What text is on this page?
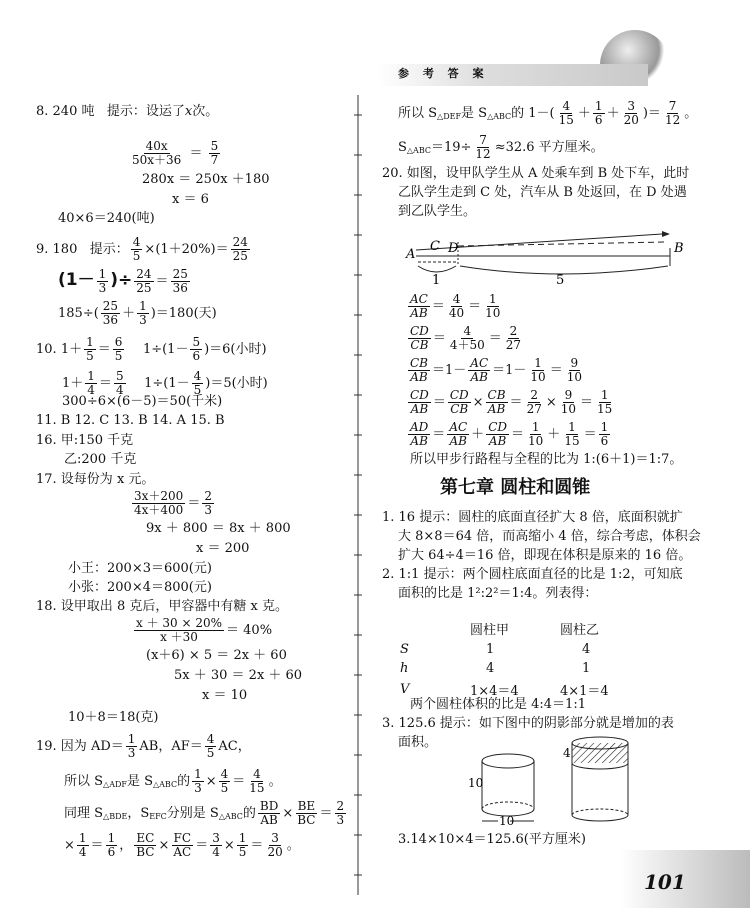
参 考 答 案
8. 240 吨 提示：设运了x次。
$\frac{40x}{50x+36} = \frac{5}{7}$
280x ＝ 250x ＋180
x ＝ 6
40×6＝240(吨)
9. 180 提示： $\frac{4}{5} \times(1+20\%)= \frac{24}{25}$
($1- \frac{1}{3}$ )÷ $\frac{24}{25} = \frac{25}{36}$
$185\div( \frac{25}{36} + \frac{1}{3} )=180$(天)
10. $1+ \frac{1}{5} = \frac{6}{5} 1\div(1- \frac{5}{6} )=6$(小时)
$1+ \frac{1}{4} = \frac{5}{4} 1\div(1- \frac{4}{5} )=5$(小时)
300÷6×(6－5)＝50(千米)
11. B 12. C 13. B 14. A 15. B
16. 甲:150 千克
乙:200 千克
17. 设每份为 x 元。
$\frac{3x+200}{4x+400} = \frac{2}{3}$
9x ＋ 800 ＝ 8x ＋ 800
x ＝ 200
小王：200×3＝600(元)
小张：200×4＝800(元)
18. 设甲取出 8 克后，甲容器中有糖 x 克。
$\frac{x + 30 \times 20\%}{x +30} = 40\%$
(x＋6) × 5 ＝ 2x ＋ 60
5x ＋ 30 ＝ 2x ＋ 60
x ＝ 10
10＋8＝18(克)
19. 因为 $AD= \frac{1}{3}$ AB，$AF= \frac{4}{5}$ AC，
所以 $S_{\triangle ADF}$是 $S_{\triangle ABC}$的 $\frac{1}{3} \times \frac{4}{5} = \frac{4}{15}$ 。
同理 $S_{\triangle BDE}$，$S_{EFC}$分别是 $S_{\triangle ABC}$的 $\frac{BD}{AB} \times \frac{BE}{BC} = \frac{2}{3}$
× $\frac{1}{4} = \frac{1}{6}$ ， $\frac{EC}{BC} \times \frac{FC}{AC} = \frac{3}{4} \times \frac{1}{5} = \frac{3}{20}$ 。
所以 $S_{\triangle DEF}$是 $S_{\triangle ABC}$的 $1-( \frac{4}{15} + \frac{1}{6} + \frac{3}{20}$ )＝ $\frac{7}{12}$ 。
$S_{\triangle ABC}=19\div \frac{7}{12} \approx 32.6$ 平方厘米。
20. 如图，设甲队学生从 A 处乘车到 B 处下车，此时
乙队学生走到 C 处，汽车从 B 处返回，在 D 处遇
到乙队学生。
A
C D	B
1	5
$\frac{AC}{AB} = \frac{4}{40} = \frac{1}{10}$
$\frac{CD}{CB} = \frac{4}{4+50} = \frac{2}{27}$
$\frac{CB}{AB} =1- \frac{AC}{AB} =1- \frac{1}{10} = \frac{9}{10}$
$\frac{CD}{AB} = \frac{CD}{CB} \times \frac{CB}{AB} = \frac{2}{27} \times \frac{9}{10} = \frac{1}{15}$
$\frac{AD}{AB} = \frac{AC}{AB} + \frac{CD}{AB} = \frac{1}{10} + \frac{1}{15} = \frac{1}{6}$
所以甲步行路程与全程的比为 1:(6＋1)＝1:7。
第七章 圆柱和圆锥
1. 16 提示：圆柱的底面直径扩大 8 倍，底面积就扩
大 8×8＝64 倍，而高缩小 4 倍，综合考虑，体积会
扩大 64÷4＝16 倍，即现在体积是原来的 16 倍。
2. 1:1 提示：两个圆柱底面直径的比是 1:2，可知底
面积的比是 1²:2²＝1:4。列表得：
	圆柱甲	圆柱乙
S	1	4
h	4	1
V	1×4＝4	4×1＝4
两个圆柱体积的比是 4:4＝1:1
3. 125.6 提示：如下图中的阴影部分就是增加的表
面积。
10
10
4
3.14×10×4＝125.6(平方厘米)
101
